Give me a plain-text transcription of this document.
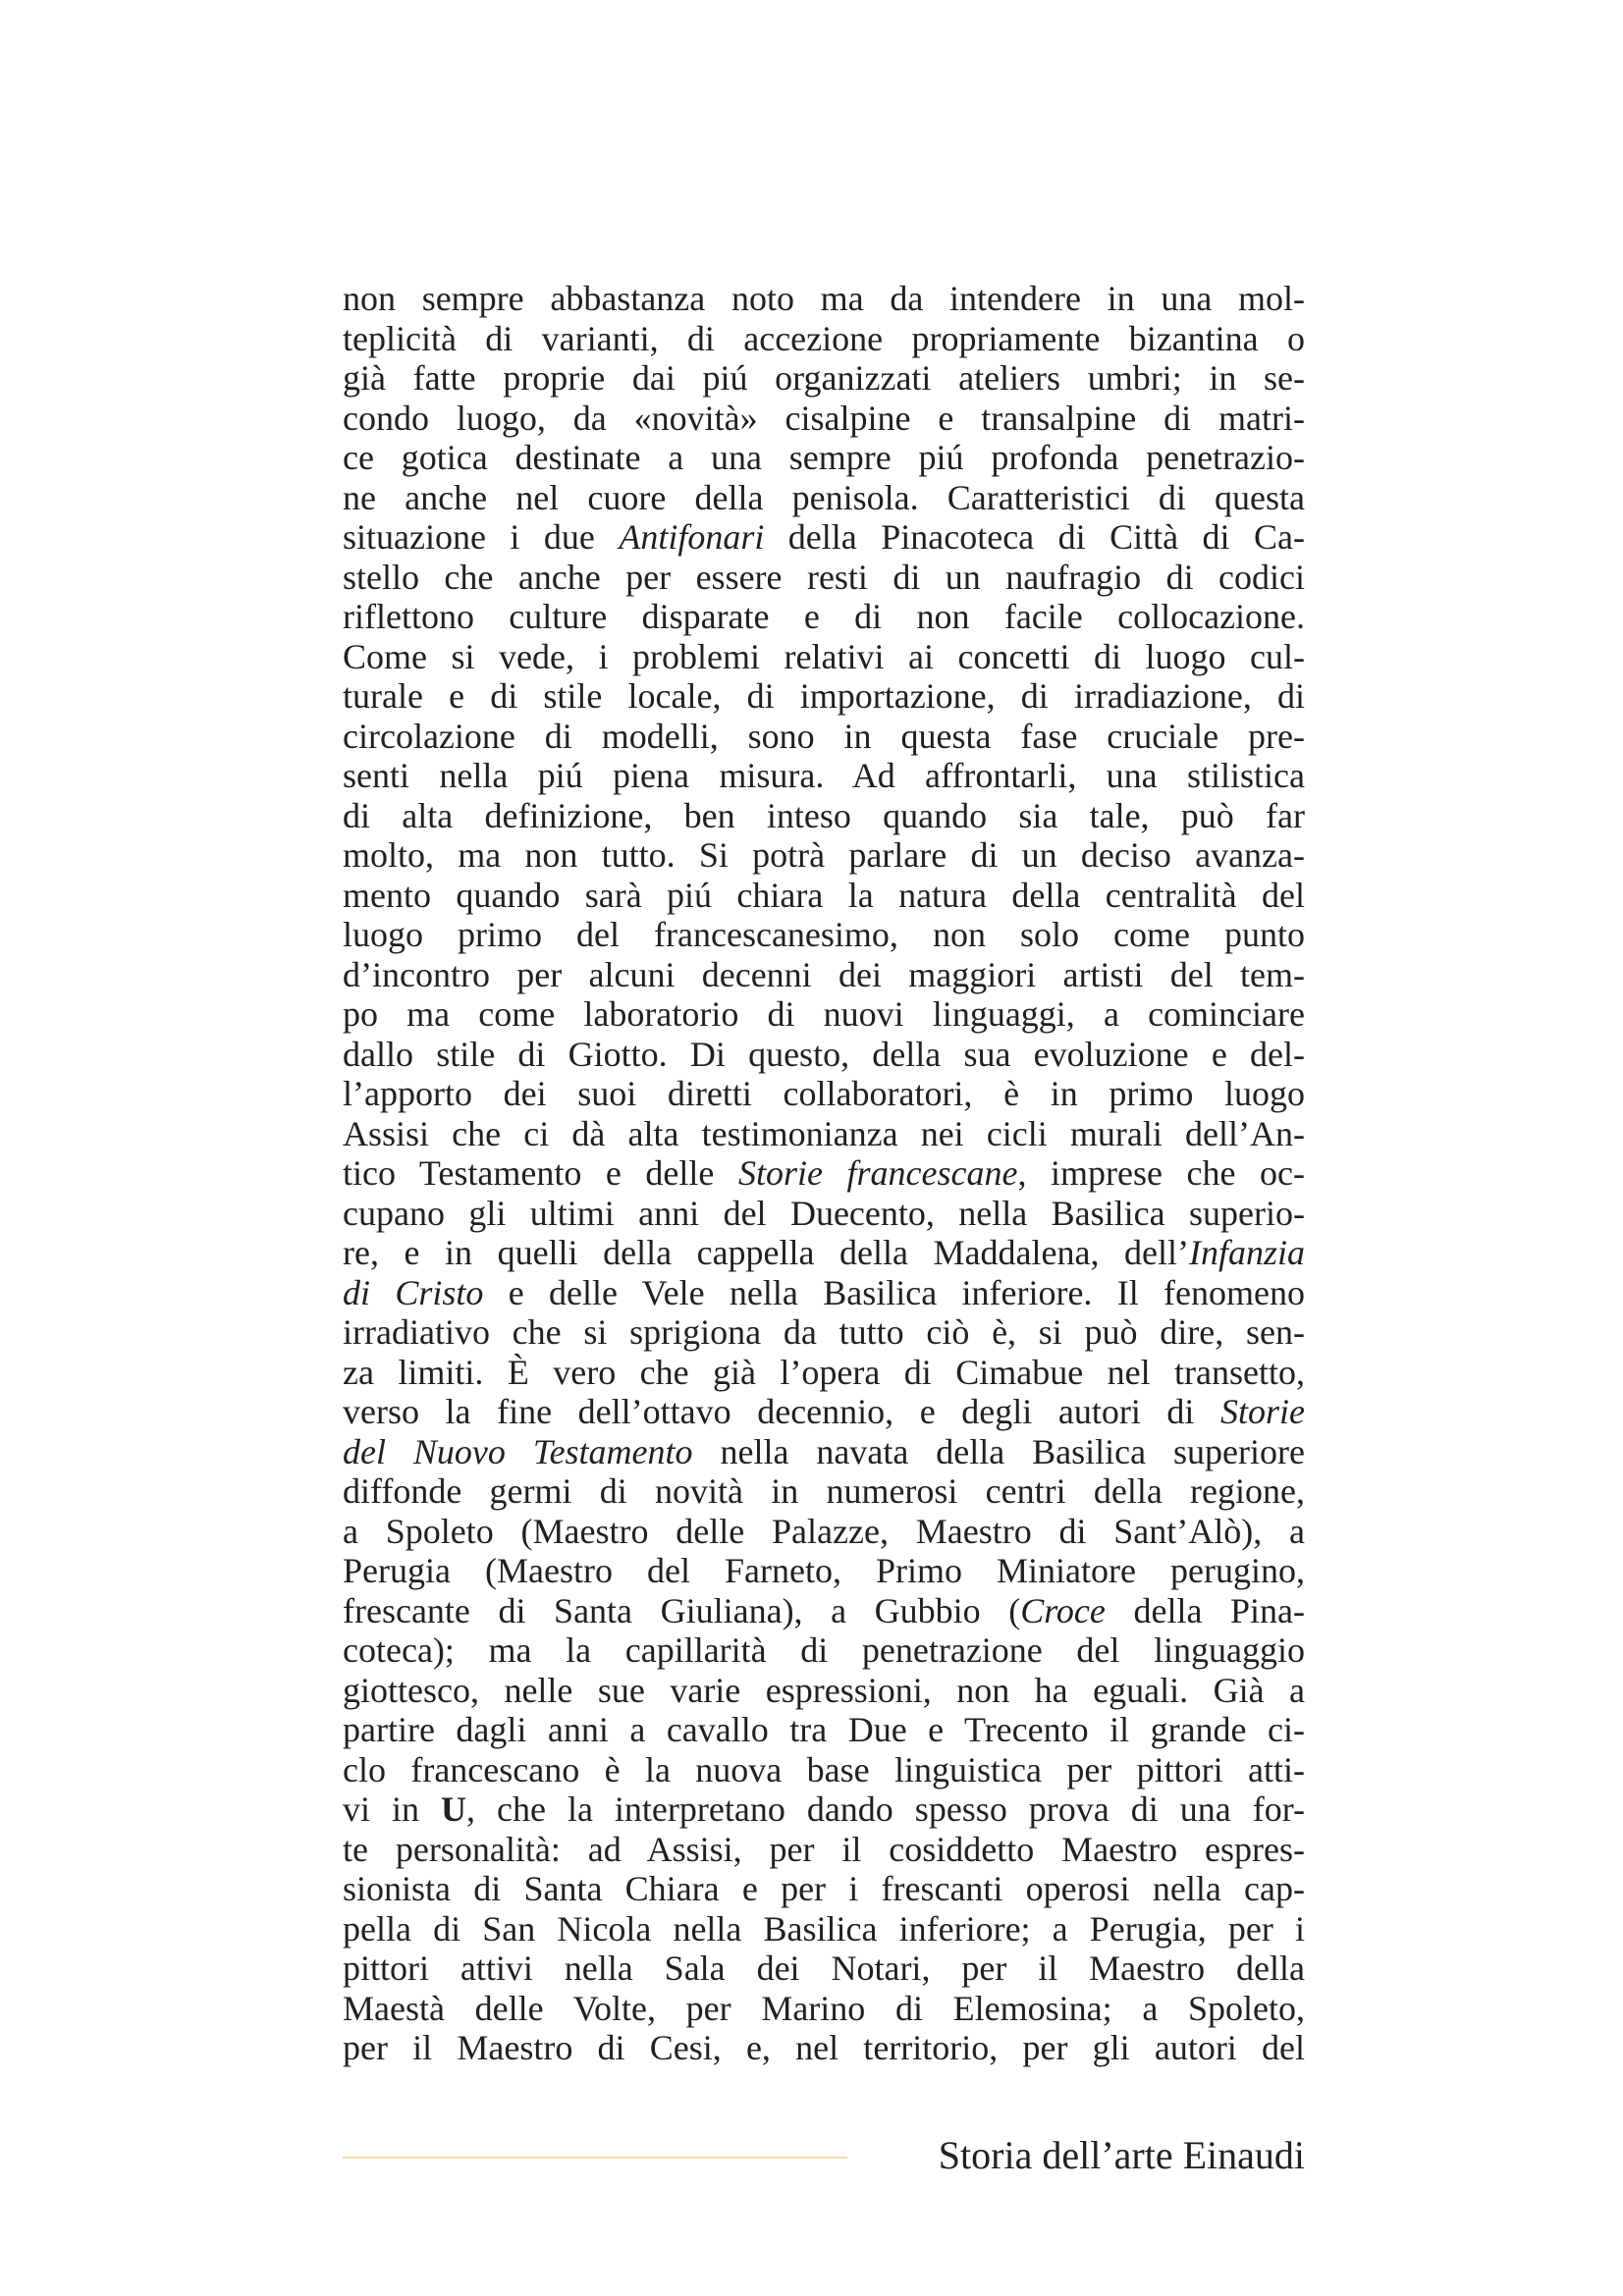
non sempre abbastanza noto ma da intendere in una mol-
teplicità di varianti, di accezione propriamente bizantina o
già fatte proprie dai piú organizzati ateliers umbri; in se-
condo luogo, da «novità» cisalpine e transalpine di matri-
ce gotica destinate a una sempre piú profonda penetrazio-
ne anche nel cuore della penisola. Caratteristici di questa
situazione i due Antifonari della Pinacoteca di Città di Ca-
stello che anche per essere resti di un naufragio di codici
riflettono culture disparate e di non facile collocazione.
Come si vede, i problemi relativi ai concetti di luogo cul-
turale e di stile locale, di importazione, di irradiazione, di
circolazione di modelli, sono in questa fase cruciale pre-
senti nella piú piena misura. Ad affrontarli, una stilistica
di alta definizione, ben inteso quando sia tale, può far
molto, ma non tutto. Si potrà parlare di un deciso avanza-
mento quando sarà piú chiara la natura della centralità del
luogo primo del francescanesimo, non solo come punto
d’incontro per alcuni decenni dei maggiori artisti del tem-
po ma come laboratorio di nuovi linguaggi, a cominciare
dallo stile di Giotto. Di questo, della sua evoluzione e del-
l’apporto dei suoi diretti collaboratori, è in primo luogo
Assisi che ci dà alta testimonianza nei cicli murali dell’An-
tico Testamento e delle Storie francescane, imprese che oc-
cupano gli ultimi anni del Duecento, nella Basilica superio-
re, e in quelli della cappella della Maddalena, dell’Infanzia
di Cristo e delle Vele nella Basilica inferiore. Il fenomeno
irradiativo che si sprigiona da tutto ciò è, si può dire, sen-
za limiti. È vero che già l’opera di Cimabue nel transetto,
verso la fine dell’ottavo decennio, e degli autori di Storie
del Nuovo Testamento nella navata della Basilica superiore
diffonde germi di novità in numerosi centri della regione,
a Spoleto (Maestro delle Palazze, Maestro di Sant’Alò), a
Perugia (Maestro del Farneto, Primo Miniatore perugino,
frescante di Santa Giuliana), a Gubbio (Croce della Pina-
coteca); ma la capillarità di penetrazione del linguaggio
giottesco, nelle sue varie espressioni, non ha eguali. Già a
partire dagli anni a cavallo tra Due e Trecento il grande ci-
clo francescano è la nuova base linguistica per pittori atti-
vi in U, che la interpretano dando spesso prova di una for-
te personalità: ad Assisi, per il cosiddetto Maestro espres-
sionista di Santa Chiara e per i frescanti operosi nella cap-
pella di San Nicola nella Basilica inferiore; a Perugia, per i
pittori attivi nella Sala dei Notari, per il Maestro della
Maestà delle Volte, per Marino di Elemosina; a Spoleto,
per il Maestro di Cesi, e, nel territorio, per gli autori del
Storia dell’arte Einaudi
